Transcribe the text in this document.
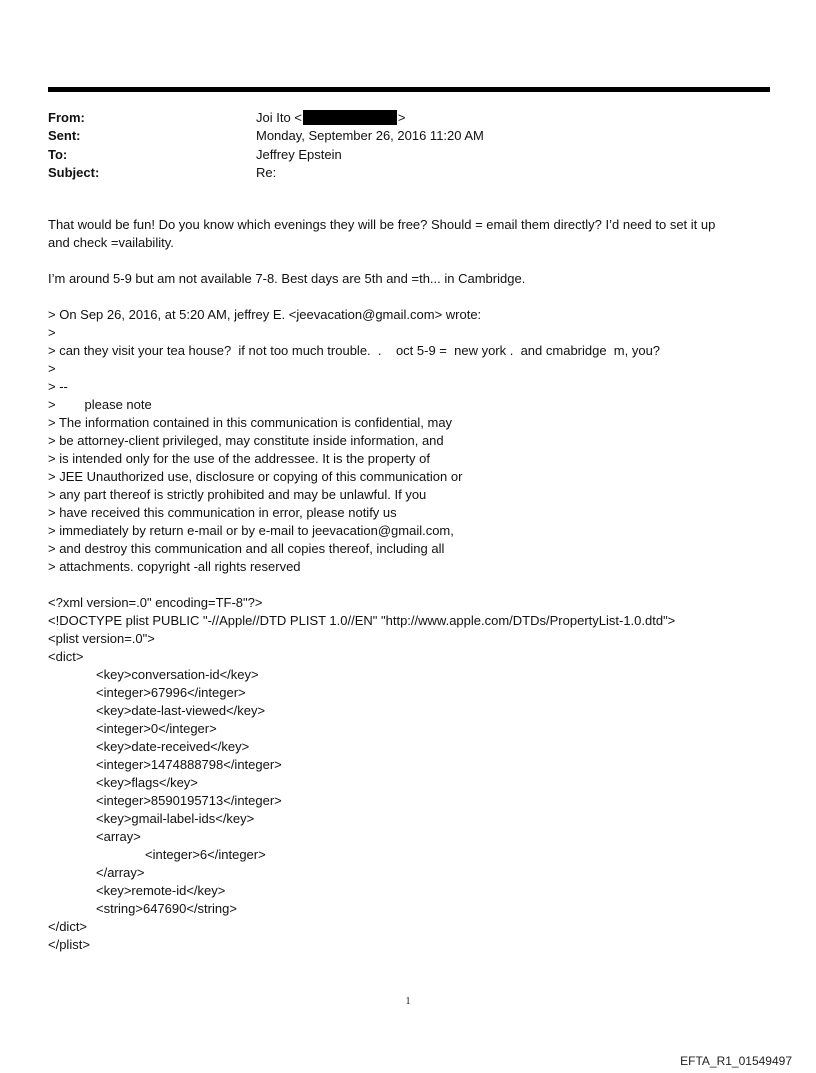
From:	Joi Ito <	>
Sent:	Monday, September 26, 2016 11:20 AM
To:	Jeffrey Epstein
Subject:	Re:
That would be fun! Do you know which evenings they will be free? Should = email them directly? I’d need to set it up
and check =vailability.
I’m around 5-9 but am not available 7-8. Best days are 5th and =th... in Cambridge.
> On Sep 26, 2016, at 5:20 AM, jeffrey E. <jeevacation@gmail.com> wrote:
>
> can they visit your tea house?  if not too much trouble.  .    oct 5-9 =  new york .  and cmabridge  m, you?
>
> --
>        please note
> The information contained in this communication is confidential, may
> be attorney-client privileged, may constitute inside information, and
> is intended only for the use of the addressee. It is the property of
> JEE Unauthorized use, disclosure or copying of this communication or
> any part thereof is strictly prohibited and may be unlawful. If you
> have received this communication in error, please notify us
> immediately by return e-mail or by e-mail to jeevacation@gmail.com,
> and destroy this communication and all copies thereof, including all
> attachments. copyright -all rights reserved
<?xml version=.0" encoding=TF-8"?>
<!DOCTYPE plist PUBLIC "-//Apple//DTD PLIST 1.0//EN" "http://www.apple.com/DTDs/PropertyList-1.0.dtd">
<plist version=.0">
<dict>
<key>conversation-id</key>
<integer>67996</integer>
<key>date-last-viewed</key>
<integer>0</integer>
<key>date-received</key>
<integer>1474888798</integer>
<key>flags</key>
<integer>8590195713</integer>
<key>gmail-label-ids</key>
<array>
<integer>6</integer>
</array>
<key>remote-id</key>
<string>647690</string>
</dict>
</plist>
1
EFTA_R1_01549497
